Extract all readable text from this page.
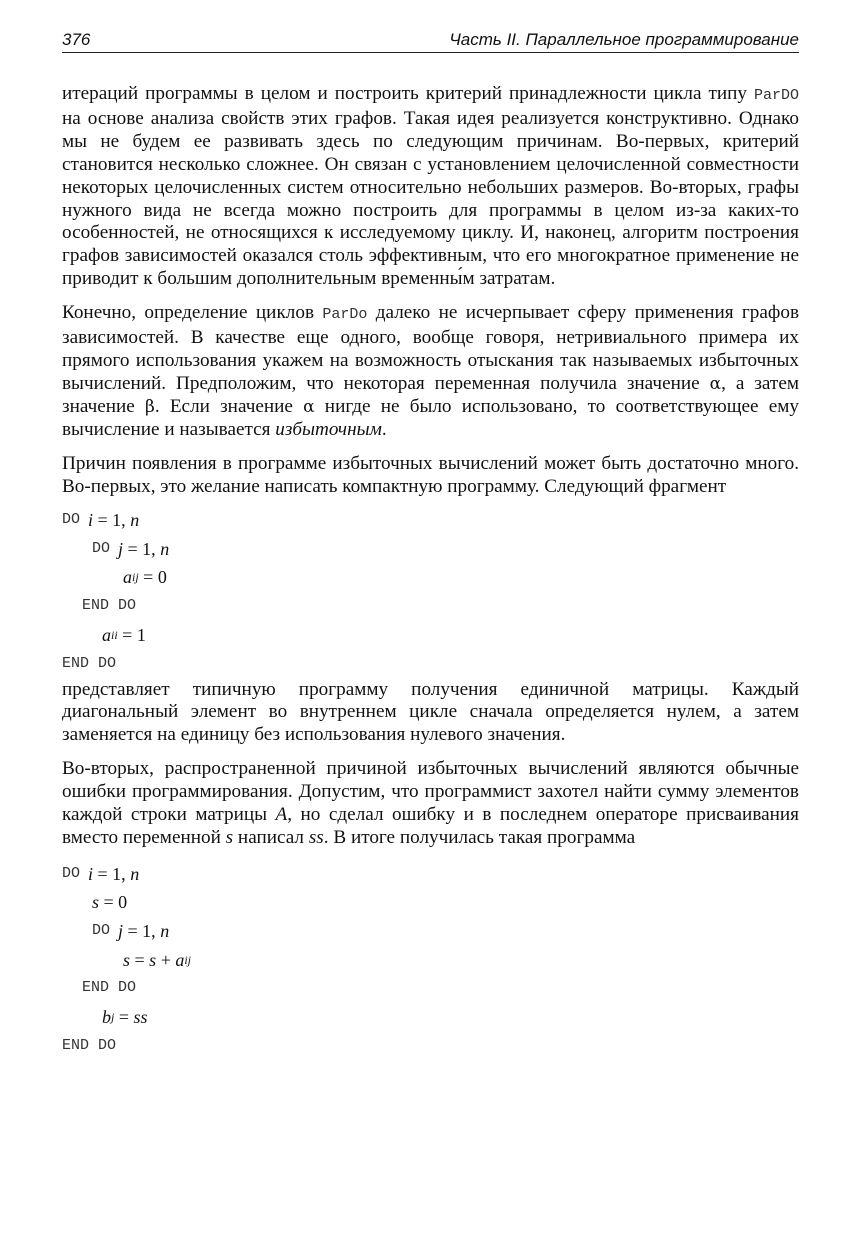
376	Часть II. Параллельное программирование

итераций программы в целом и построить критерий принадлежности цикла типу ParDO на основе анализа свойств этих графов. Такая идея реализуется конструктивно. Однако мы не будем ее развивать здесь по следующим причинам. Во-первых, критерий становится несколько сложнее. Он связан с установлением целочисленной совместности некоторых целочисленных систем относительно небольших размеров. Во-вторых, графы нужного вида не всегда можно построить для программы в целом из-за каких-то особенностей, не относящихся к исследуемому циклу. И, наконец, алгоритм построения графов зависимостей оказался столь эффективным, что его многократное применение не приводит к большим дополнительным временны́м затратам.

Конечно, определение циклов ParDo далеко не исчерпывает сферу применения графов зависимостей. В качестве еще одного, вообще говоря, нетривиального примера их прямого использования укажем на возможность отыскания так называемых избыточных вычислений. Предположим, что некоторая переменная получила значение α, а затем значение β. Если значение α нигде не было использовано, то соответствующее ему вычисление и называется избыточным.

Причин появления в программе избыточных вычислений может быть достаточно много. Во-первых, это желание написать компактную программу. Следующий фрагмент

DO i = 1, n
DO j = 1, n
a ij = 0
END DO
a ii = 1
END DO

представляет типичную программу получения единичной матрицы. Каждый диагональный элемент во внутреннем цикле сначала определяется нулем, а затем заменяется на единицу без использования нулевого значения.

Во-вторых, распространенной причиной избыточных вычислений являются обычные ошибки программирования. Допустим, что программист захотел найти сумму элементов каждой строки матрицы A, но сделал ошибку и в последнем операторе присваивания вместо переменной s написал ss. В итоге получилась такая программа

DO i = 1, n
s = 0
DO j = 1, n
s = s + a ij
END DO
b j = ss
END DO
